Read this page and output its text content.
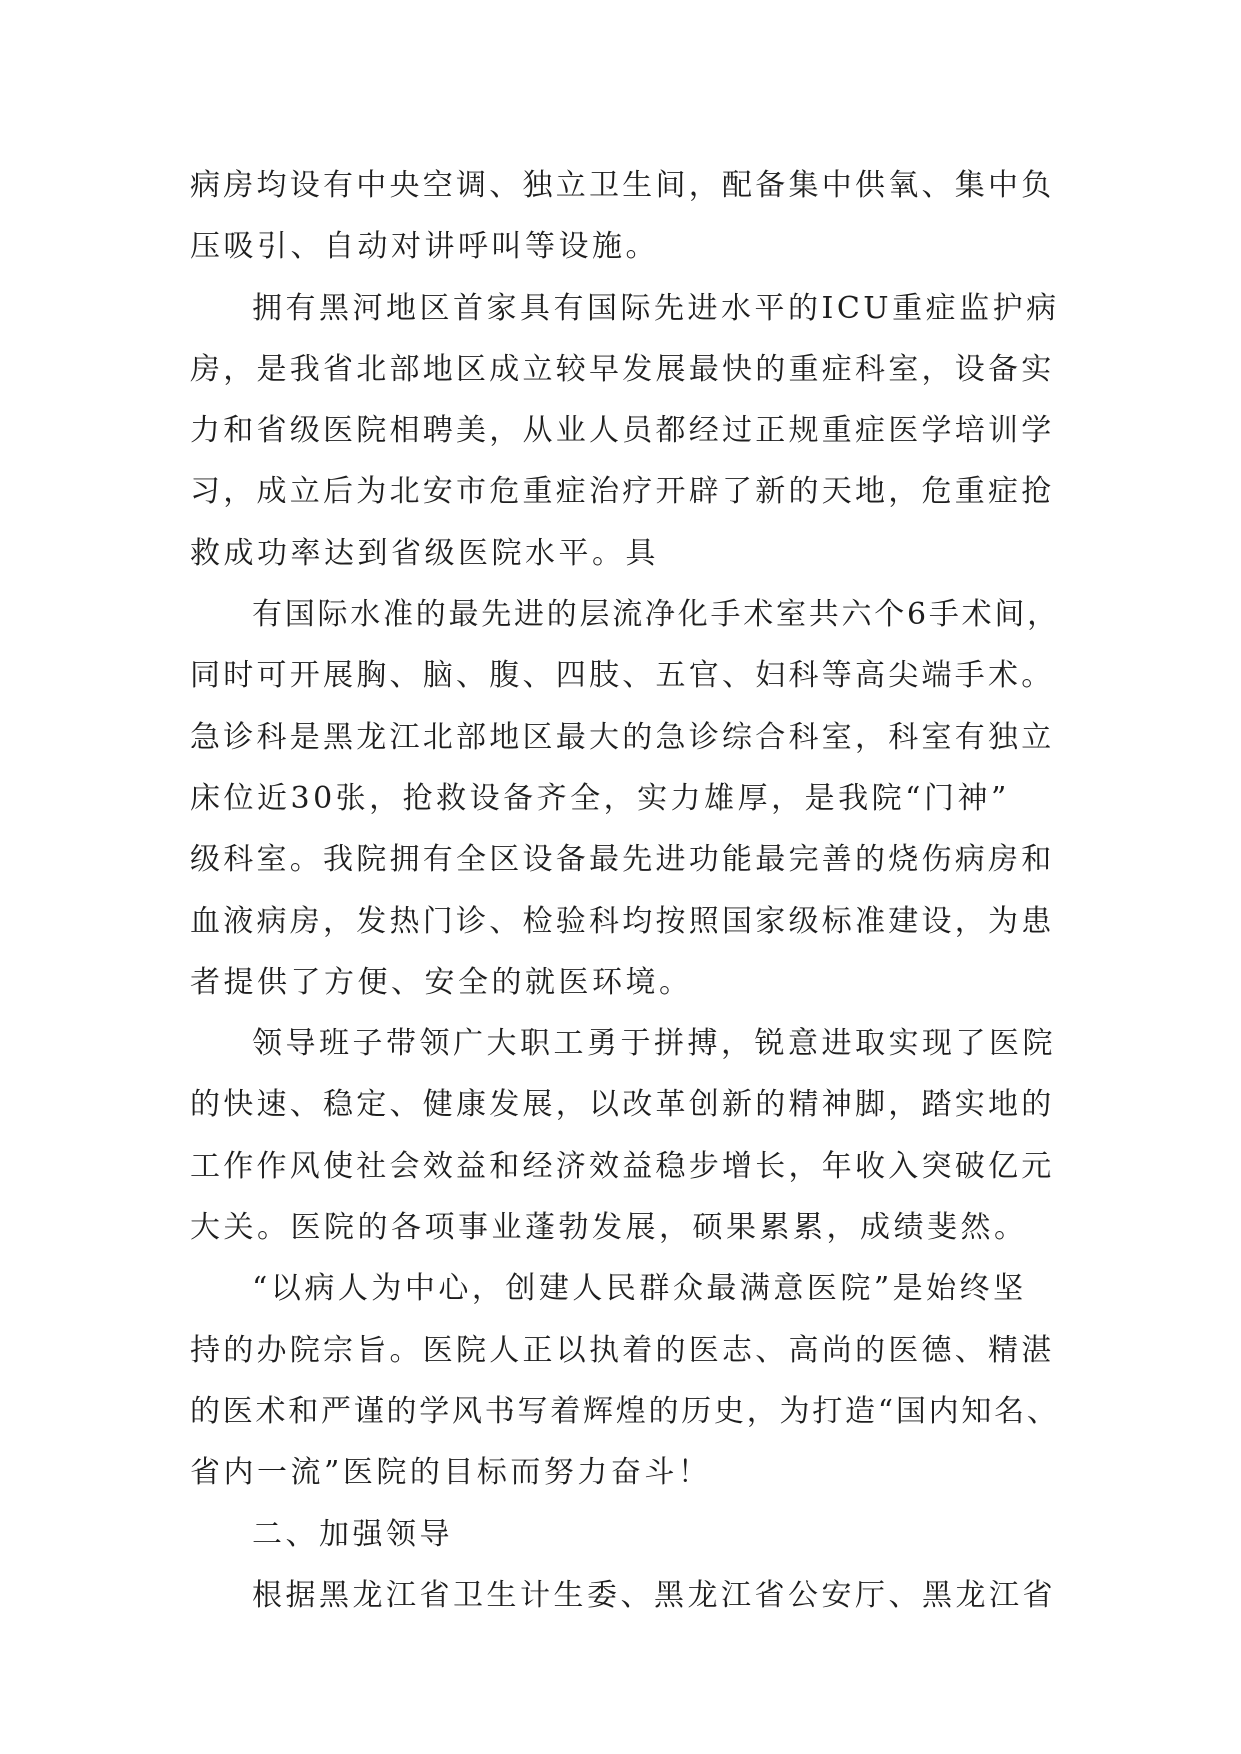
病房均设有中央空调、独立卫生间，配备集中供氧、集中负
压吸引、自动对讲呼叫等设施。
拥有黑河地区首家具有国际先进水平的ICU重症监护病
房，是我省北部地区成立较早发展最快的重症科室，设备实
力和省级医院相聘美，从业人员都经过正规重症医学培训学
习，成立后为北安市危重症治疗开辟了新的天地，危重症抢
救成功率达到省级医院水平。具
有国际水准的最先进的层流净化手术室共六个6手术间，
同时可开展胸、脑、腹、四肢、五官、妇科等高尖端手术。
急诊科是黑龙江北部地区最大的急诊综合科室，科室有独立
床位近30张，抢救设备齐全，实力雄厚，是我院“门神”
级科室。我院拥有全区设备最先进功能最完善的烧伤病房和
血液病房，发热门诊、检验科均按照国家级标准建设，为患
者提供了方便、安全的就医环境。
领导班子带领广大职工勇于拼搏，锐意进取实现了医院
的快速、稳定、健康发展，以改革创新的精神脚，踏实地的
工作作风使社会效益和经济效益稳步增长，年收入突破亿元
大关。医院的各项事业蓬勃发展，硕果累累，成绩斐然。
“以病人为中心，创建人民群众最满意医院”是始终坚
持的办院宗旨。医院人正以执着的医志、高尚的医德、精湛
的医术和严谨的学风书写着辉煌的历史，为打造“国内知名、
省内一流”医院的目标而努力奋斗！
二、加强领导
根据黑龙江省卫生计生委、黑龙江省公安厅、黑龙江省
